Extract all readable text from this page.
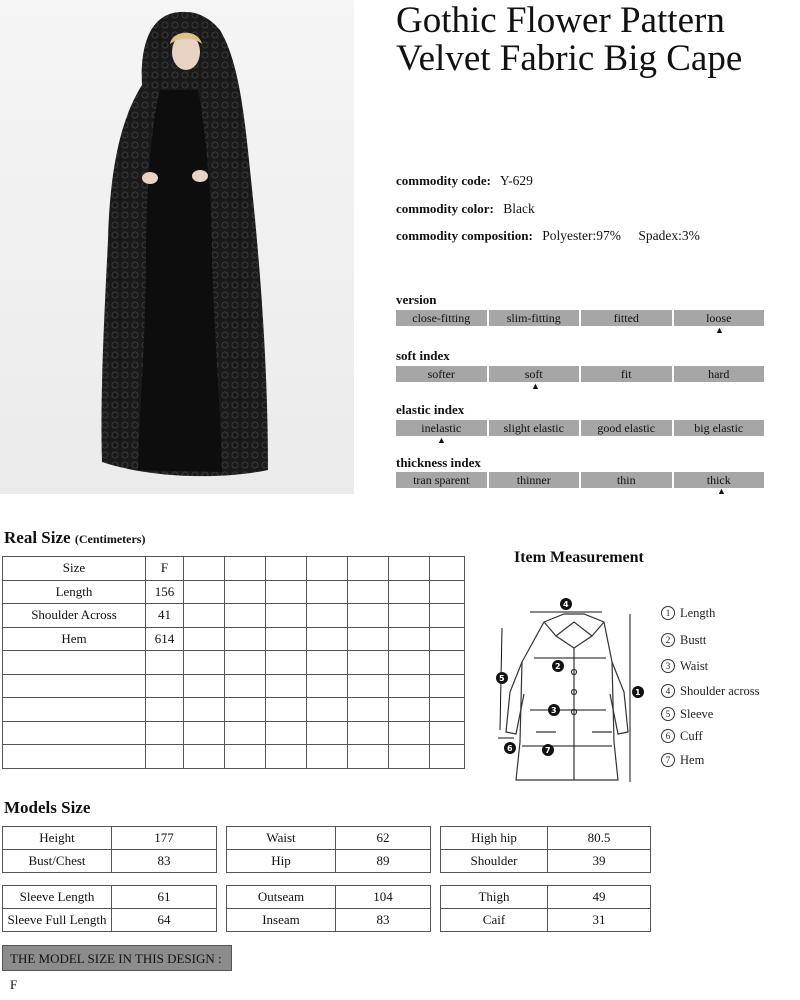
Gothic Flower Pattern
Velvet Fabric Big Cape
commodity code: Y-629
commodity color: Black
commodity composition: Polyester:97% Spadex:3%
version
close-fitting	slim-fitting	fitted	loose
▲
soft index
softer	soft	fit	hard
▲
elastic index
inelastic	slight elastic	good elastic	big elastic
▲
thickness index
tran sparent	thinner	thin	thick
▲
Real Size (Centimeters)
Size	F							
Length	156							
Shoulder Across	41							
Hem	614							

Item Measurement
4
2
3
7
1
5
6
1 Length
2 Bustt
3 Waist
4 Shoulder across
5 Sleeve
6 Cuff
7 Hem
Models Size
Height	177
Bust/Chest	83
Waist	62
Hip	89
High hip	80.5
Shoulder	39
Sleeve Length	61
Sleeve Full Length	64
Outseam	104
Inseam	83
Thigh	49
Caif	31
THE MODEL SIZE IN THIS DESIGN : F
